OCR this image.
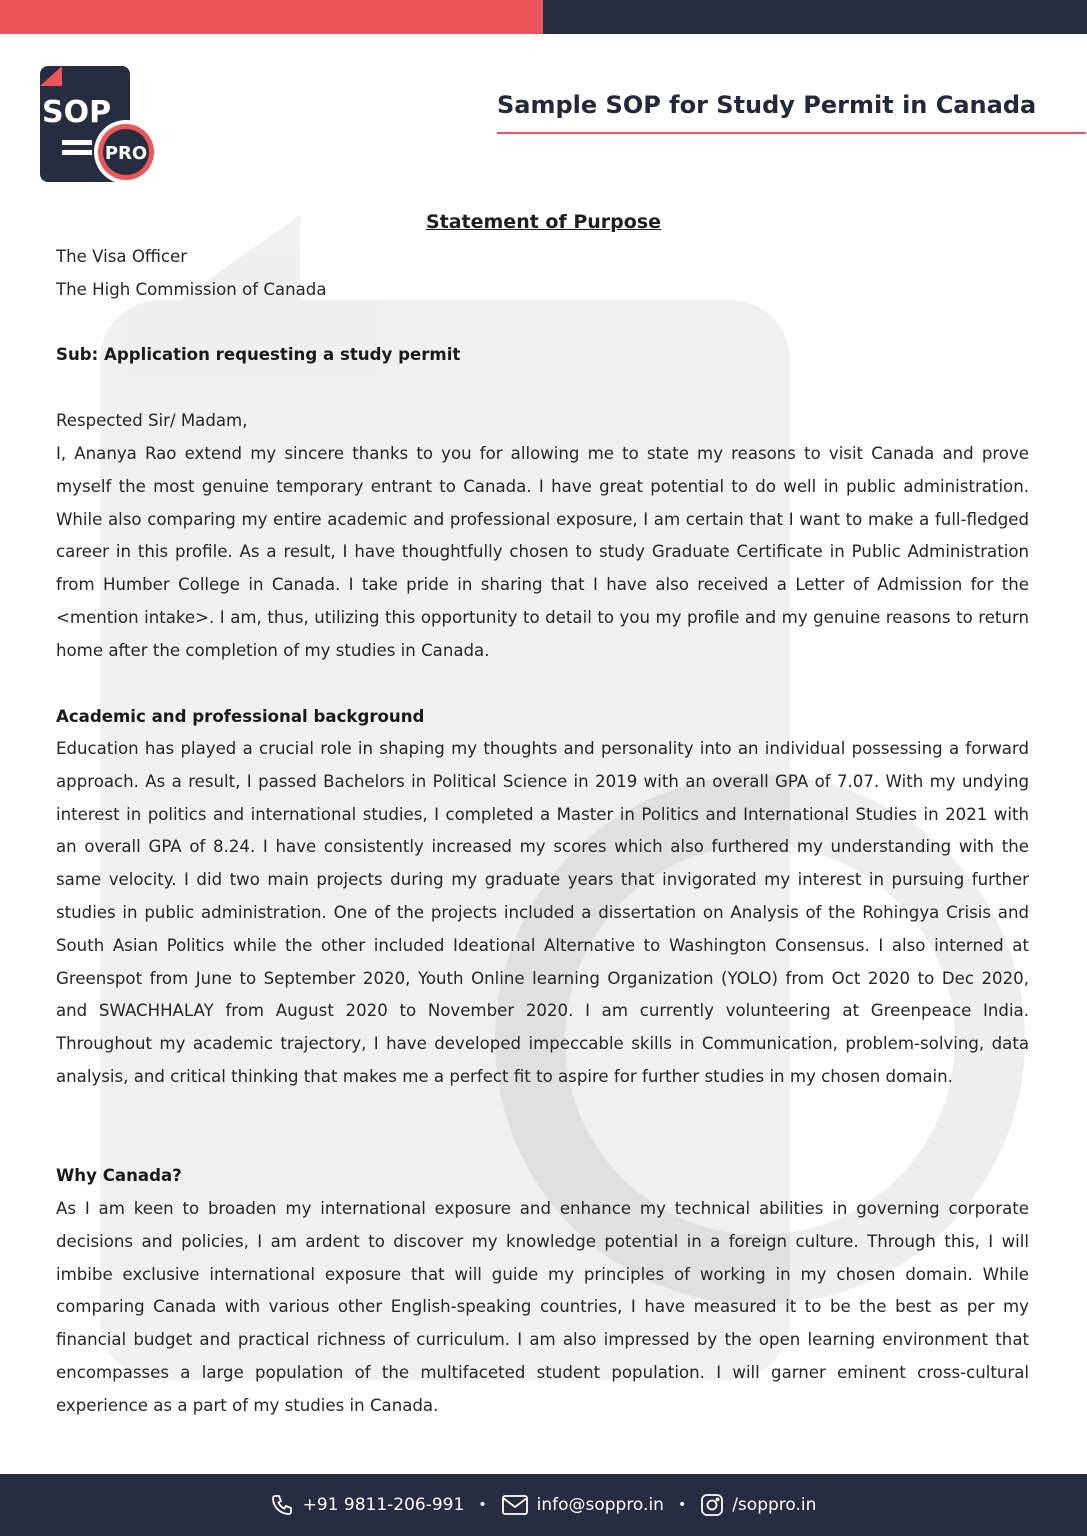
SOP
PRO
Sample SOP for Study Permit in Canada
Statement of Purpose
The Visa Officer
The High Commission of Canada
Sub: Application requesting a study permit
Respected Sir/ Madam,
I, Ananya Rao extend my sincere thanks to you for allowing me to state my reasons to visit Canada and prove myself the most genuine temporary entrant to Canada. I have great potential to do well in public administration. While also comparing my entire academic and professional exposure, I am certain that I want to make a full-fledged career in this profile. As a result, I have thoughtfully chosen to study Graduate Certificate in Public Administration from Humber College in Canada. I take pride in sharing that I have also received a Letter of Admission for the <mention intake>. I am, thus, utilizing this opportunity to detail to you my profile and my genuine reasons to return home after the completion of my studies in Canada.
Academic and professional background
Education has played a crucial role in shaping my thoughts and personality into an individual possessing a forward approach. As a result, I passed Bachelors in Political Science in 2019 with an overall GPA of 7.07. With my undying interest in politics and international studies, I completed a Master in Politics and International Studies in 2021 with an overall GPA of 8.24. I have consistently increased my scores which also furthered my understanding with the same velocity. I did two main projects during my graduate years that invigorated my interest in pursuing further studies in public administration. One of the projects included a dissertation on Analysis of the Rohingya Crisis and South Asian Politics while the other included Ideational Alternative to Washington Consensus. I also interned at Greenspot from June to September 2020, Youth Online learning Organization (YOLO) from Oct 2020 to Dec 2020, and SWACHHALAY from August 2020 to November 2020. I am currently volunteering at Greenpeace India. Throughout my academic trajectory, I have developed impeccable skills in Communication, problem-solving, data analysis, and critical thinking that makes me a perfect fit to aspire for further studies in my chosen domain.
Why Canada?
As I am keen to broaden my international exposure and enhance my technical abilities in governing corporate decisions and policies, I am ardent to discover my knowledge potential in a foreign culture. Through this, I will imbibe exclusive international exposure that will guide my principles of working in my chosen domain. While comparing Canada with various other English-speaking countries, I have measured it to be the best as per my financial budget and practical richness of curriculum. I am also impressed by the open learning environment that encompasses a large population of the multifaceted student population. I will garner eminent cross-cultural experience as a part of my studies in Canada.
+91 9811-206-991 •	info@soppro.in •	/soppro.in
